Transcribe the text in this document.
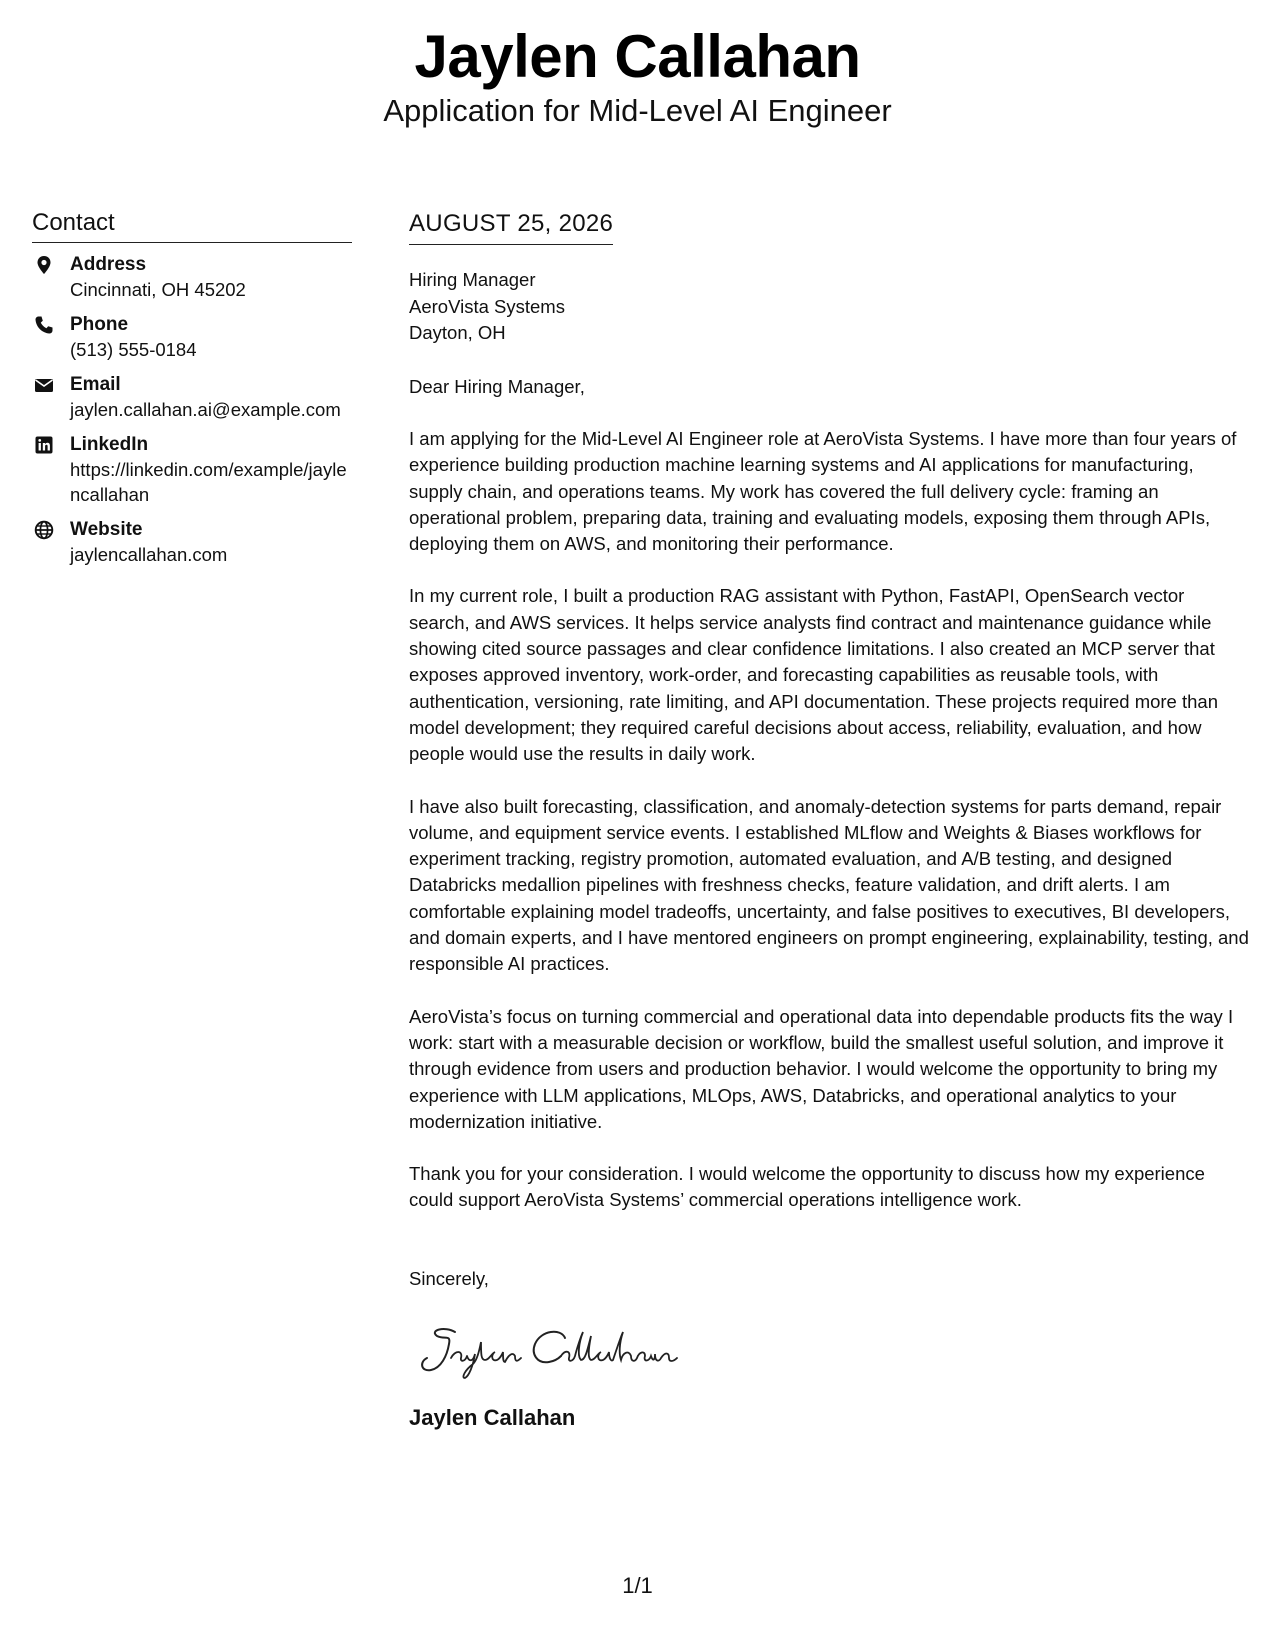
Jaylen Callahan
Application for Mid-Level AI Engineer
Contact
Address
Cincinnati, OH 45202
Phone
(513) 555-0184
Email
jaylen.callahan.ai@example.com
LinkedIn
https://linkedin.com/example/jaylencallahan
Website
jaylencallahan.com
AUGUST 25, 2026
Hiring Manager
AeroVista Systems
Dayton, OH
Dear Hiring Manager,
I am applying for the Mid-Level AI Engineer role at AeroVista Systems. I have more than four years of experience building production machine learning systems and AI applications for manufacturing, supply chain, and operations teams. My work has covered the full delivery cycle: framing an operational problem, preparing data, training and evaluating models, exposing them through APIs, deploying them on AWS, and monitoring their performance.
In my current role, I built a production RAG assistant with Python, FastAPI, OpenSearch vector search, and AWS services. It helps service analysts find contract and maintenance guidance while showing cited source passages and clear confidence limitations. I also created an MCP server that exposes approved inventory, work-order, and forecasting capabilities as reusable tools, with authentication, versioning, rate limiting, and API documentation. These projects required more than model development; they required careful decisions about access, reliability, evaluation, and how people would use the results in daily work.
I have also built forecasting, classification, and anomaly-detection systems for parts demand, repair volume, and equipment service events. I established MLflow and Weights & Biases workflows for experiment tracking, registry promotion, automated evaluation, and A/B testing, and designed Databricks medallion pipelines with freshness checks, feature validation, and drift alerts. I am comfortable explaining model tradeoffs, uncertainty, and false positives to executives, BI developers, and domain experts, and I have mentored engineers on prompt engineering, explainability, testing, and responsible AI practices.
AeroVista’s focus on turning commercial and operational data into dependable products fits the way I work: start with a measurable decision or workflow, build the smallest useful solution, and improve it through evidence from users and production behavior. I would welcome the opportunity to bring my experience with LLM applications, MLOps, AWS, Databricks, and operational analytics to your modernization initiative.
Thank you for your consideration. I would welcome the opportunity to discuss how my experience could support AeroVista Systems’ commercial operations intelligence work.
Sincerely,
Jaylen Callahan
1/1
